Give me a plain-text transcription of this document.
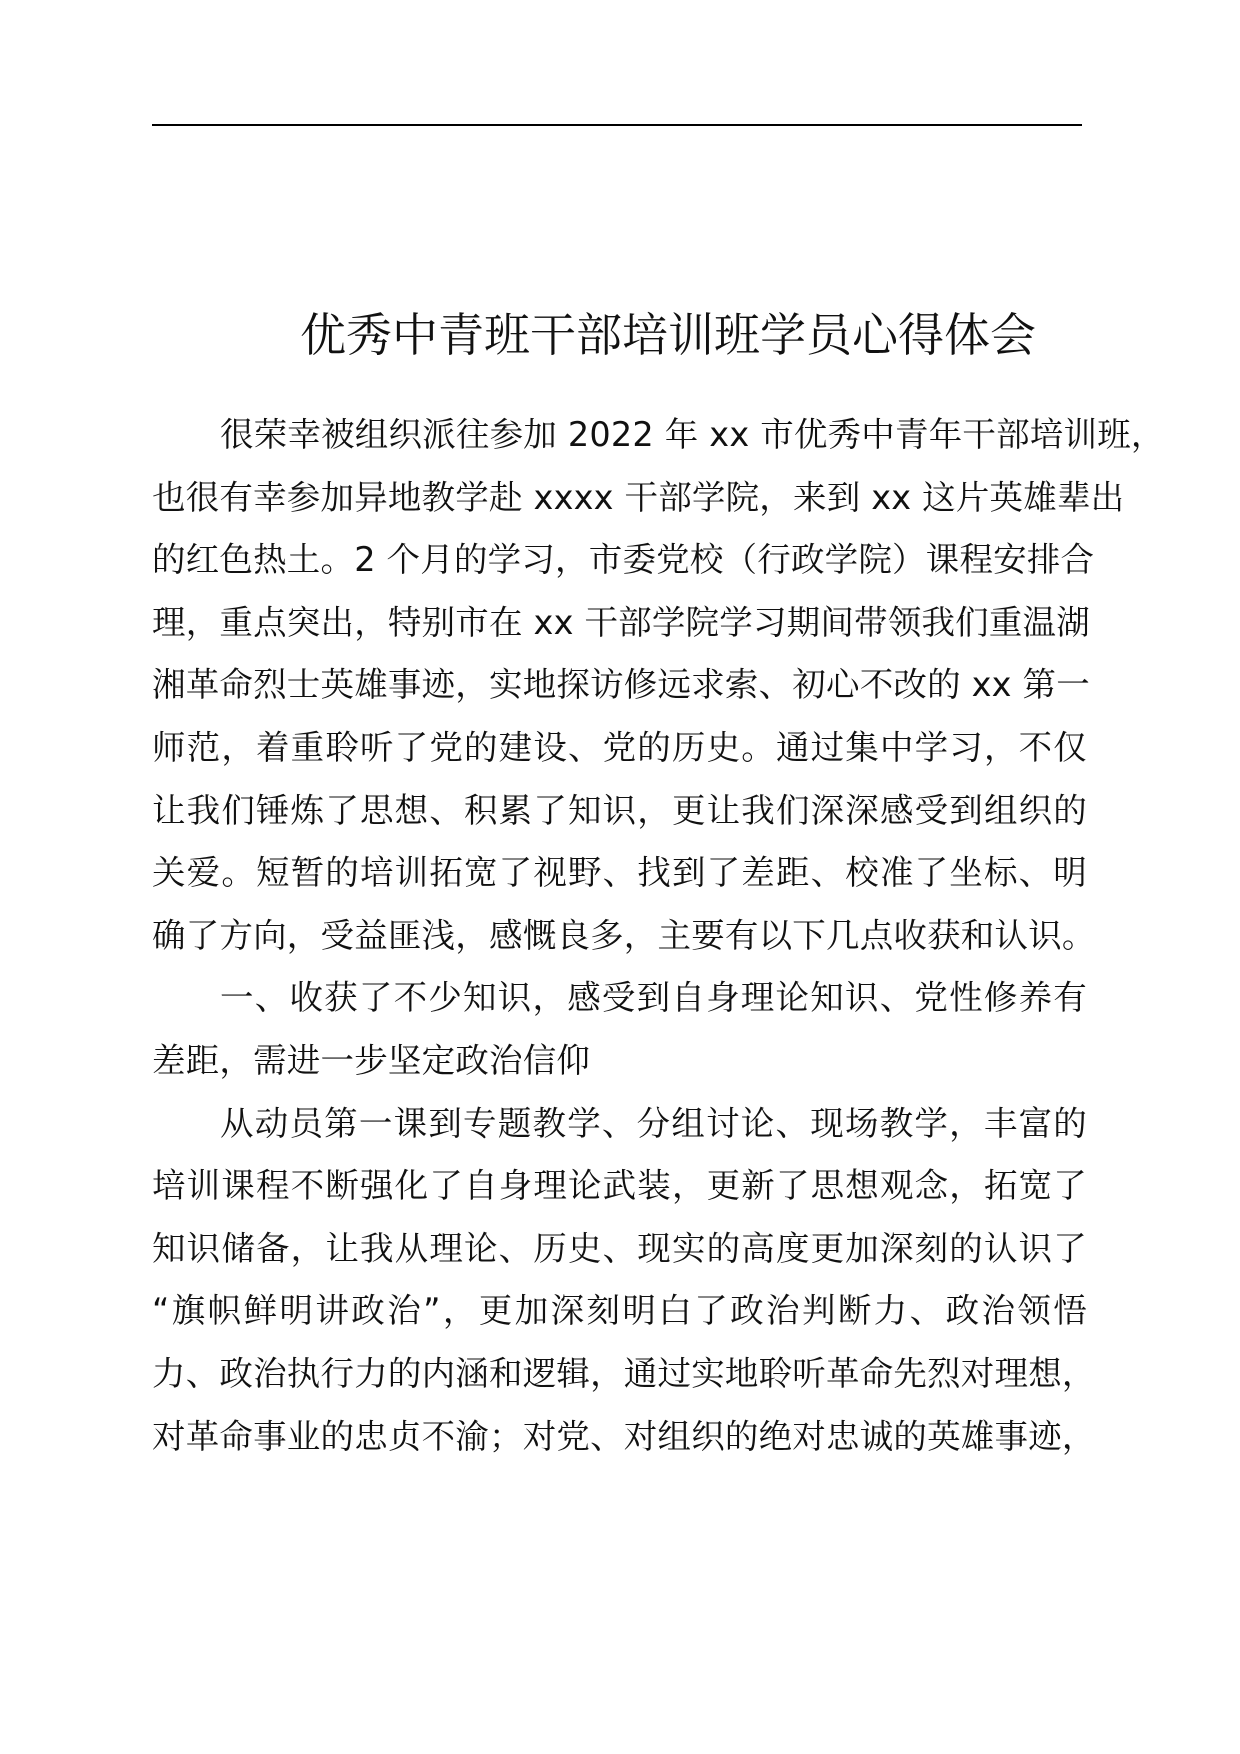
优秀中青班干部培训班学员心得体会
很荣幸被组织派往参加 2022 年 xx 市优秀中青年干部培训班，
也很有幸参加异地教学赴 xxxx 干部学院，来到 xx 这片英雄辈出
的红色热土。2 个月的学习，市委党校（行政学院）课程安排合
理，重点突出，特别市在 xx 干部学院学习期间带领我们重温湖
湘革命烈士英雄事迹，实地探访修远求索、初心不改的 xx 第一
师范，着重聆听了党的建设、党的历史。通过集中学习，不仅
让我们锤炼了思想、积累了知识，更让我们深深感受到组织的
关爱。短暂的培训拓宽了视野、找到了差距、校准了坐标、明
确了方向，受益匪浅，感慨良多，主要有以下几点收获和认识。
一、收获了不少知识，感受到自身理论知识、党性修养有
差距，需进一步坚定政治信仰
从动员第一课到专题教学、分组讨论、现场教学，丰富的
培训课程不断强化了自身理论武装，更新了思想观念，拓宽了
知识储备，让我从理论、历史、现实的高度更加深刻的认识了
“旗帜鲜明讲政治”，更加深刻明白了政治判断力、政治领悟
力、政治执行力的内涵和逻辑，通过实地聆听革命先烈对理想，
对革命事业的忠贞不渝；对党、对组织的绝对忠诚的英雄事迹，
